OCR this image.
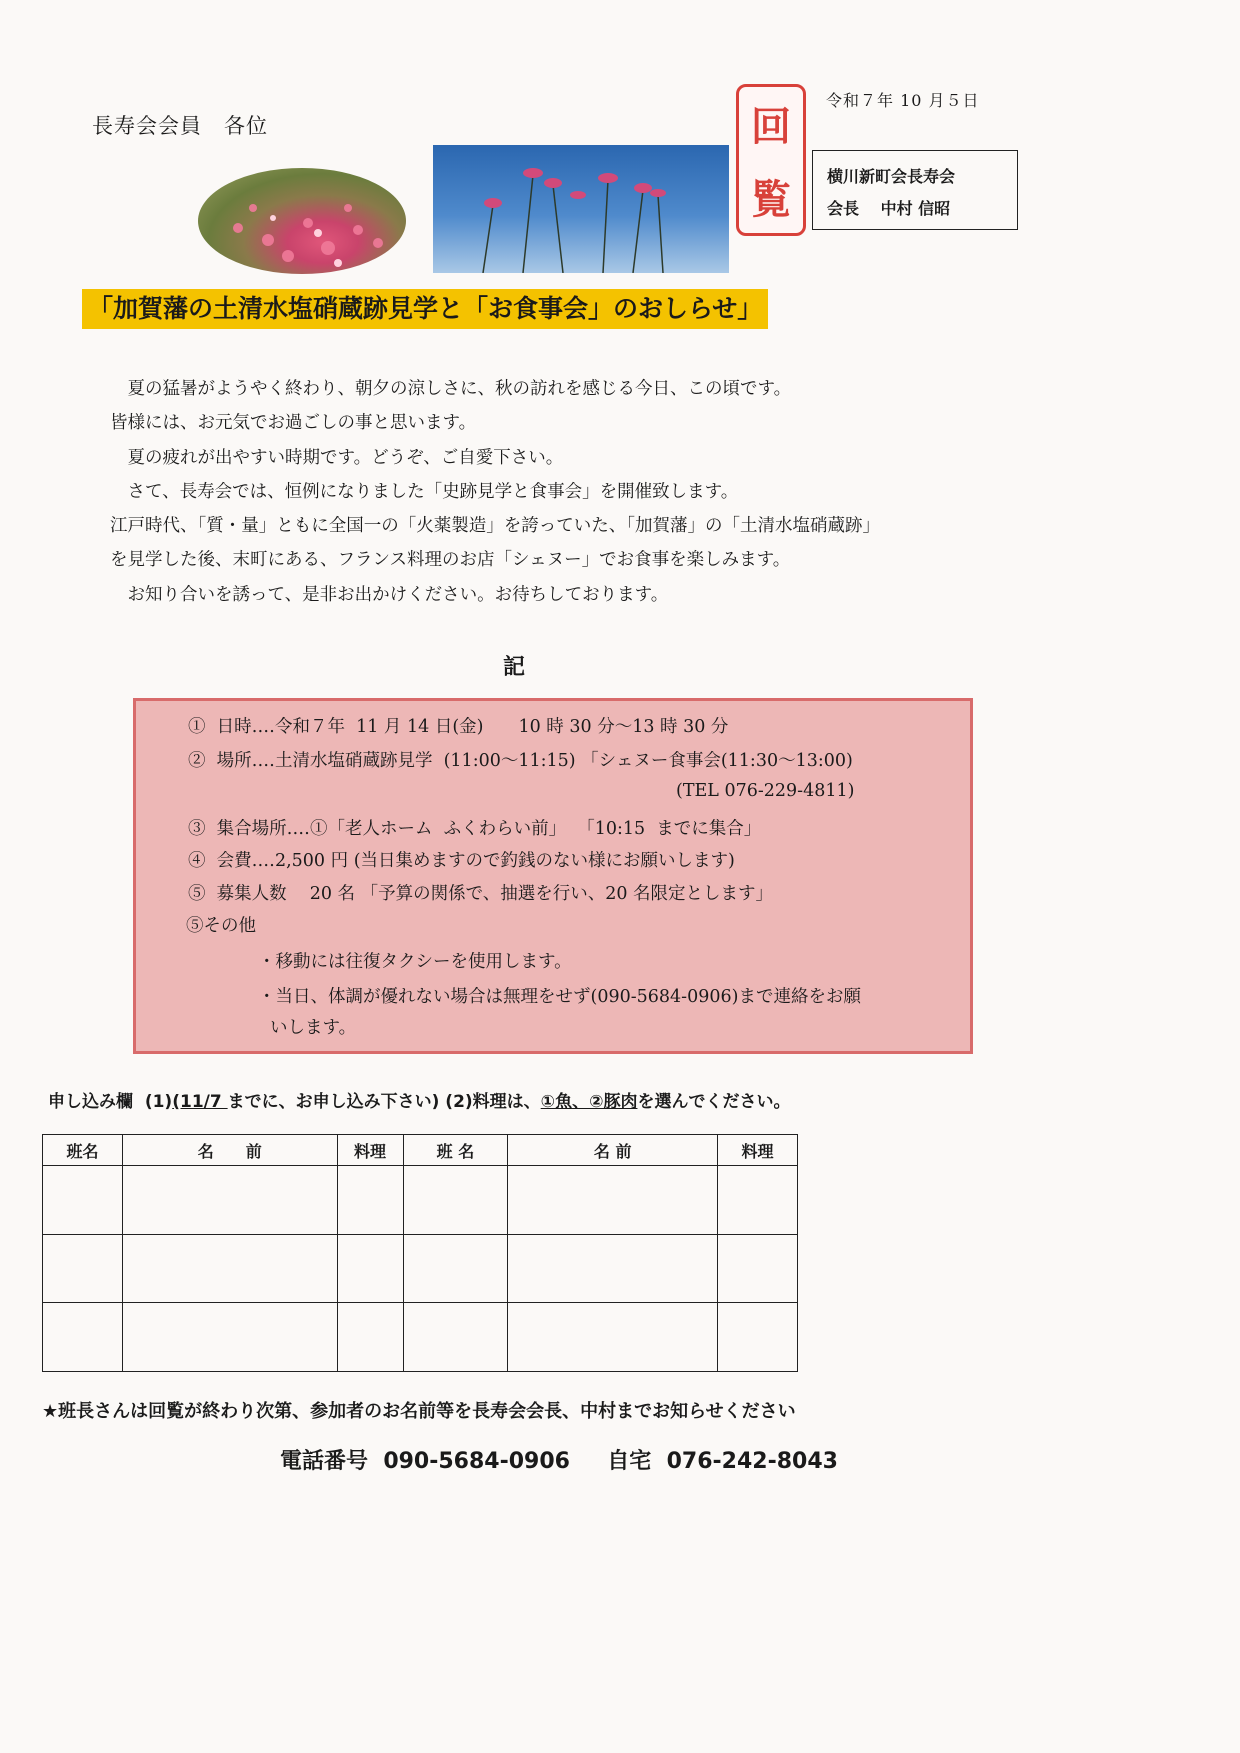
長寿会会員　各位	回
覧
令和７年 10 月５日
横川新町会長寿会
会長　 中村 信昭
「加賀藩の土清水塩硝蔵跡見学と「お食事会」のおしらせ」
　夏の猛暑がようやく終わり、朝夕の涼しさに、秋の訪れを感じる今日、この頃です。
皆様には、お元気でお過ごしの事と思います。
　夏の疲れが出やすい時期です。どうぞ、ご自愛下さい。
　さて、長寿会では、恒例になりました「史跡見学と食事会」を開催致します。
江戸時代、「質・量」ともに全国一の「火薬製造」を誇っていた、「加賀藩」の「土清水塩硝蔵跡」
を見学した後、末町にある、フランス料理のお店「シェヌー」でお食事を楽しみます。
　お知り合いを誘って、是非お出かけください。お待ちしております。
記
①  日時‥‥令和７年  11 月 14 日(金)　　10 時 30 分～13 時 30 分
②  場所‥‥土清水塩硝蔵跡見学  (11:00～11:15) 「シェヌー食事会(11:30～13:00)
(TEL 076-229-4811)
③  集合場所‥‥①「老人ホーム  ふくわらい前」  「10:15  までに集合」
④  会費‥‥2,500 円 (当日集めますので釣銭のない様にお願いします)
⑤  募集人数　 20 名 「予算の関係で、抽選を行い、20 名限定とします」
⑤その他
・移動には往復タクシーを使用します。
・当日、体調が優れない場合は無理をせず(090-5684-0906)まで連絡をお願
いします。
申し込み欄  (1)(11/7 までに、お申し込み下さい) (2)料理は、①魚、②豚肉を選んでください。
班名	名　　前	料理	班 名	名 前	料理

★班長さんは回覧が終わり次第、参加者のお名前等を長寿会会長、中村までお知らせください
電話番号  090-5684-0906　  自宅  076-242-8043
